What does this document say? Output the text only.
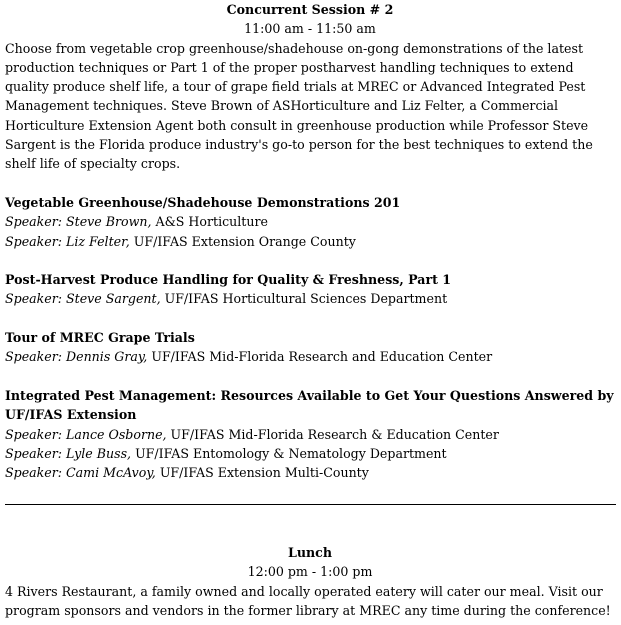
Concurrent Session # 2

11:00 am - 11:50 am

Choose from vegetable crop greenhouse/shadehouse on-gong demonstrations of the latest production techniques or Part 1 of the proper postharvest handling techniques to extend quality produce shelf life, a tour of grape field trials at MREC or Advanced Integrated Pest Management techniques. Steve Brown of ASHorticulture and Liz Felter, a Commercial Horticulture Extension Agent both consult in greenhouse production while Professor Steve Sargent is the Florida produce industry's go-to person for the best techniques to extend the shelf life of specialty crops.

Vegetable Greenhouse/Shadehouse Demonstrations 201

Speaker: Steve Brown, A&S Horticulture

Speaker: Liz Felter, UF/IFAS Extension Orange County

Post-Harvest Produce Handling for Quality & Freshness, Part 1

Speaker: Steve Sargent, UF/IFAS Horticultural Sciences Department

Tour of MREC Grape Trials

Speaker: Dennis Gray, UF/IFAS Mid-Florida Research and Education Center

Integrated Pest Management: Resources Available to Get Your Questions Answered by UF/IFAS Extension

Speaker: Lance Osborne, UF/IFAS Mid-Florida Research & Education Center

Speaker: Lyle Buss, UF/IFAS Entomology & Nematology Department

Speaker: Cami McAvoy, UF/IFAS Extension Multi-County

Lunch

12:00 pm - 1:00 pm

4 Rivers Restaurant, a family owned and locally operated eatery will cater our meal. Visit our program sponsors and vendors in the former library at MREC any time during the conference!
